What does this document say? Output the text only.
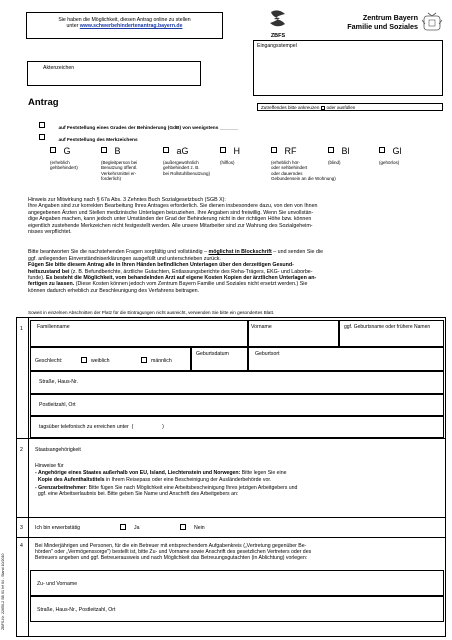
Sie haben die Möglichkeit, diesen Antrag online zu stellen
unter www.schwerbehindertenantrag.bayern.de
ZBFS
Zentrum Bayern
Familie und Soziales
Eingangsstempel
Aktenzeichen
Antrag	Zutreffendes bitte ankreuzen oder ausfüllen
auf Feststellung eines Grades der Behinderung (GdB) von wenigstens _______
auf Feststellung des Merkzeichens
G
(erheblich
gehbehindert)
B
(Begleitperson bei
Benutzung öffentl.
Verkehrsmittel er-
forderlich)
aG
(außergewöhnlich
gehbehindert z. B.
bei Rollstuhlbenutzung)
H
(hilflos)
RF
(erheblich hör-
oder sehbehindert
oder dauerndes
Gebundensein an die Wohnung)
Bl
(blind)
Gl
(gehörlos)
Hinweis zur Mitwirkung nach § 67a Abs. 3 Zehntes Buch Sozialgesetzbuch (SGB X):
Ihre Angaben sind zur korrekten Bearbeitung Ihres Antrages erforderlich. Sie dienen insbesondere dazu, von den von Ihnen
angegebenen Ärzten und Stellen medizinische Unterlagen beizuziehen. Ihre Angaben sind freiwillig. Wenn Sie unvollstän-
dige Angaben machen, kann jedoch unter Umständen der Grad der Behinderung nicht in der richtigen Höhe bzw. können
eigentlich zustehende Merkzeichen nicht festgestellt werden. Alle unsere Mitarbeiter sind zur Wahrung des Sozialgeheim-
nisses verpflichtet.

Bitte beantworten Sie die nachstehenden Fragen sorgfältig und vollständig – möglichst in Blockschrift – und senden Sie die
ggf. anliegenden Einverständniserklärungen ausgefüllt und unterschrieben zurück.
Fügen Sie bitte diesem Antrag alle in Ihren Händen befindlichen Unterlagen über den derzeitigen Gesund-
heitszustand bei (z. B. Befundberichte, ärztliche Gutachten, Entlassungsberichte des Reha-Trägers, EKG- und Laborbe-
funde). Es besteht die Möglichkeit, vom behandelnden Arzt auf eigene Kosten Kopien der ärztlichen Unterlagen an-
fertigen zu lassen. (Diese Kosten können jedoch vom Zentrum Bayern Familie und Soziales nicht ersetzt werden.) Sie
können dadurch erheblich zur Beschleunigung des Verfahrens beitragen.

Soweit in einzelnen Abschnitten der Platz für die Eintragungen nicht ausreicht, verwenden Sie bitte ein gesondertes Blatt.
1	Familienname	Vorname	ggf. Geburtsname oder frühere Namen
Geschlecht:	weiblich	männlich
Geburtsdatum	Geburtsort
Straße, Haus-Nr.
Postleitzahl, Ort
tagsüber telefonisch zu erreichen unter  (                    )
2 Staatsangehörigkeit
Hinweise für
- Angehörige eines Staates außerhalb von EU, Island, Liechtenstein und Norwegen: Bitte legen Sie eine
Kopie des Aufenthaltstitels in Ihrem Reisepass oder eine Bescheinigung der Ausländerbehörde vor.
- Grenzarbeitnehmer: Bitte fügen Sie nach Möglichkeit eine Arbeitsbescheinigung Ihres jetzigen Arbeitgebers und
ggf. eine Arbeitserlaubnis bei. Bitte geben Sie Name und Anschrift des Arbeitgebers an:
3 Ich bin erwerbstätig	Ja	Nein
4 Bei Minderjährigen und Personen, für die ein Betreuer mit entsprechendem Aufgabenkreis („Vertretung gegenüber Be-
hörden" oder „Vermögenssorge") bestellt ist, bitte Zu- und Vorname sowie Anschrift des gesetzlichen Vertreters oder des
Betreuers angeben und ggf. Betreuerausweis und nach Möglichkeit das Betreuungsgutachten (in Ablichtung) vorlegen:
Zu- und Vorname
Straße, Haus-Nr., Postleitzahl, Ort
ZBFS-Nr. 22650-2 SB 01 Inf 04 - Stand 10/2010
